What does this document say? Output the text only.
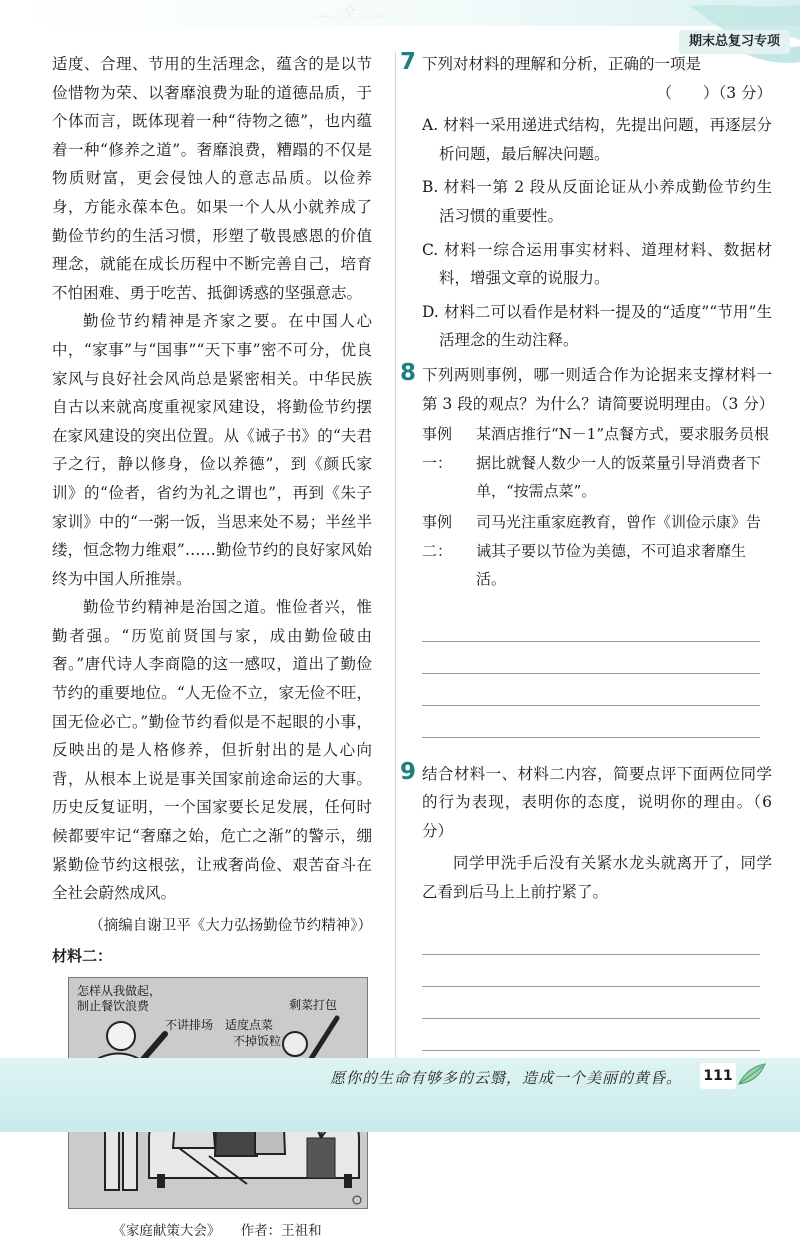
…… 全 ……
期末总复习专项

适度、合理、节用的生活理念，蕴含的是以节俭惜物为荣、以奢靡浪费为耻的道德品质，于个体而言，既体现着一种“待物之德”，也内蕴着一种“修养之道”。奢靡浪费，糟蹋的不仅是物质财富，更会侵蚀人的意志品质。以俭养身，方能永葆本色。如果一个人从小就养成了勤俭节约的生活习惯，形塑了敬畏感恩的价值理念，就能在成长历程中不断完善自己，培育不怕困难、勇于吃苦、抵御诱惑的坚强意志。

勤俭节约精神是齐家之要。在中国人心中，“家事”与“国事”“天下事”密不可分，优良家风与良好社会风尚总是紧密相关。中华民族自古以来就高度重视家风建设，将勤俭节约摆在家风建设的突出位置。从《诫子书》的“夫君子之行，静以修身，俭以养德”，到《颜氏家训》的“俭者，省约为礼之谓也”，再到《朱子家训》中的“一粥一饭，当思来处不易；半丝半缕，恒念物力维艰”……勤俭节约的良好家风始终为中国人所推崇。

勤俭节约精神是治国之道。惟俭者兴，惟勤者强。“历览前贤国与家，成由勤俭破由奢。”唐代诗人李商隐的这一感叹，道出了勤俭节约的重要地位。“人无俭不立，家无俭不旺，国无俭必亡。”勤俭节约看似是不起眼的小事，反映出的是人格修养，但折射出的是人心向背，从根本上说是事关国家前途命运的大事。历史反复证明，一个国家要长足发展，任何时候都要牢记“奢靡之始，危亡之渐”的警示，绷紧勤俭节约这根弦，让戒奢尚俭、艰苦奋斗在全社会蔚然成风。

（摘编自谢卫平《大力弘扬勤俭节约精神》）

材料二：
怎样从我做起，
制止餐饮浪费	剩菜打包
不讲排场 适度点菜
不掉饭粒
《家庭献策大会》 作者：王祖和
7 下列对材料的理解和分析，正确的一项是

（　　）（3 分）

A. 材料一采用递进式结构，先提出问题，再逐层分析问题，最后解决问题。

B. 材料一第 2 段从反面论证从小养成勤俭节约生活习惯的重要性。

C. 材料一综合运用事实材料、道理材料、数据材料，增强文章的说服力。

D. 材料二可以看作是材料一提及的“适度”“节用”生活理念的生动注释。

8 下列两则事例，哪一则适合作为论据来支撑材料一第 3 段的观点？为什么？请简要说明理由。（3 分）

事例一：
某酒店推行“N－1”点餐方式，要求服务员根据比就餐人数少一人的饭菜量引导消费者下单，“按需点菜”。
事例二：
司马光注重家庭教育，曾作《训俭示康》告诫其子要以节俭为美德，不可追求奢靡生活。
9 结合材料一、材料二内容，简要点评下面两位同学的行为表现，表明你的态度，说明你的理由。（6 分）

同学甲洗手后没有关紧水龙头就离开了，同学乙看到后马上上前拧紧了。

愿你的生命有够多的云翳，造成一个美丽的黄昏。 111
